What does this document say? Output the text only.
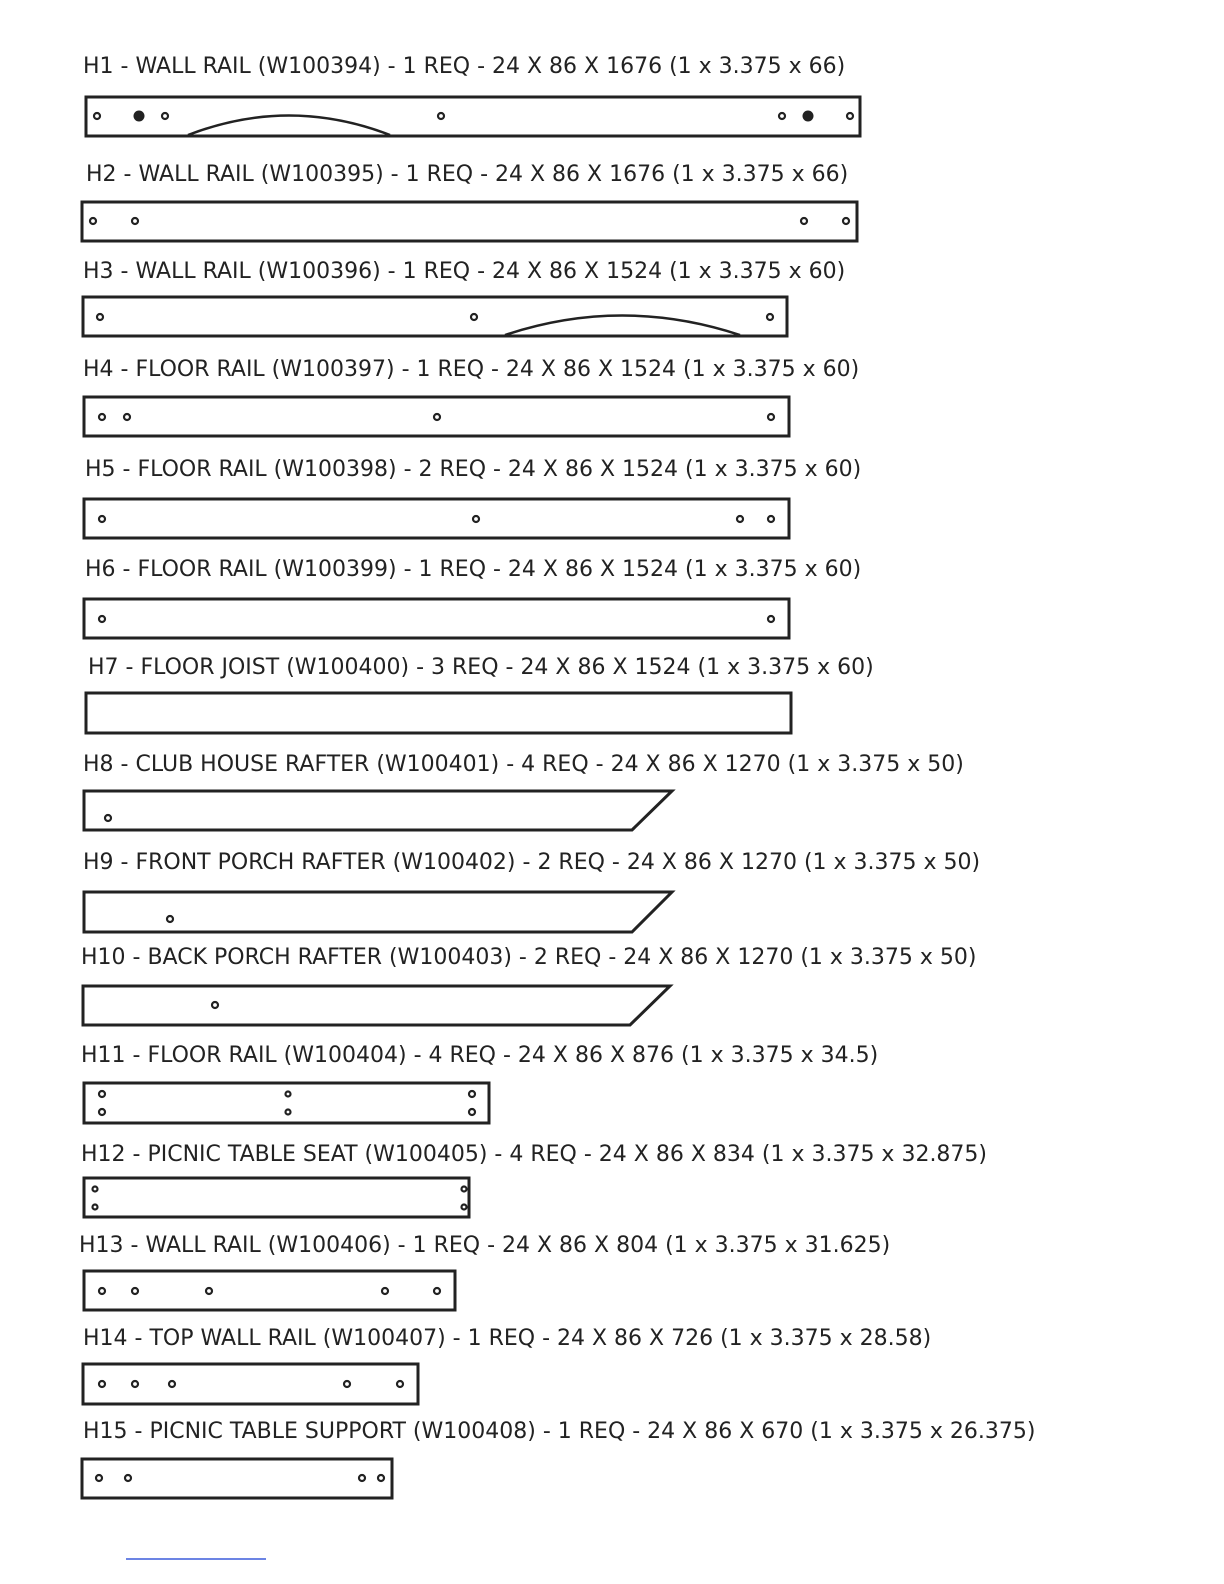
H1 - WALL RAIL (W100394) - 1 REQ - 24 X 86 X 1676 (1 x 3.375 x 66)
H2 - WALL RAIL (W100395) - 1 REQ - 24 X 86 X 1676 (1 x 3.375 x 66)
H3 - WALL RAIL (W100396) - 1 REQ - 24 X 86 X 1524 (1 x 3.375 x 60)
H4 - FLOOR RAIL (W100397) - 1 REQ - 24 X 86 X 1524 (1 x 3.375 x 60)
H5 - FLOOR RAIL (W100398) - 2 REQ - 24 X 86 X 1524 (1 x 3.375 x 60)
H6 - FLOOR RAIL (W100399) - 1 REQ - 24 X 86 X 1524 (1 x 3.375 x 60)
H7 - FLOOR JOIST (W100400) - 3 REQ - 24 X 86 X 1524 (1 x 3.375 x 60)
H8 - CLUB HOUSE RAFTER (W100401) - 4 REQ - 24 X 86 X 1270 (1 x 3.375 x 50)
H9 - FRONT PORCH RAFTER (W100402) - 2 REQ - 24 X 86 X 1270 (1 x 3.375 x 50)
H10 - BACK PORCH RAFTER (W100403) - 2 REQ - 24 X 86 X 1270 (1 x 3.375 x 50)
H11 - FLOOR RAIL (W100404) - 4 REQ - 24 X 86 X 876 (1 x 3.375 x 34.5)
H12 - PICNIC TABLE SEAT (W100405) - 4 REQ - 24 X 86 X 834 (1 x 3.375 x 32.875)
H13 - WALL RAIL (W100406) - 1 REQ - 24 X 86 X 804 (1 x 3.375 x 31.625)
H14 - TOP WALL RAIL (W100407) - 1 REQ - 24 X 86 X 726 (1 x 3.375 x 28.58)
H15 - PICNIC TABLE SUPPORT (W100408) - 1 REQ - 24 X 86 X 670 (1 x 3.375 x 26.375)
